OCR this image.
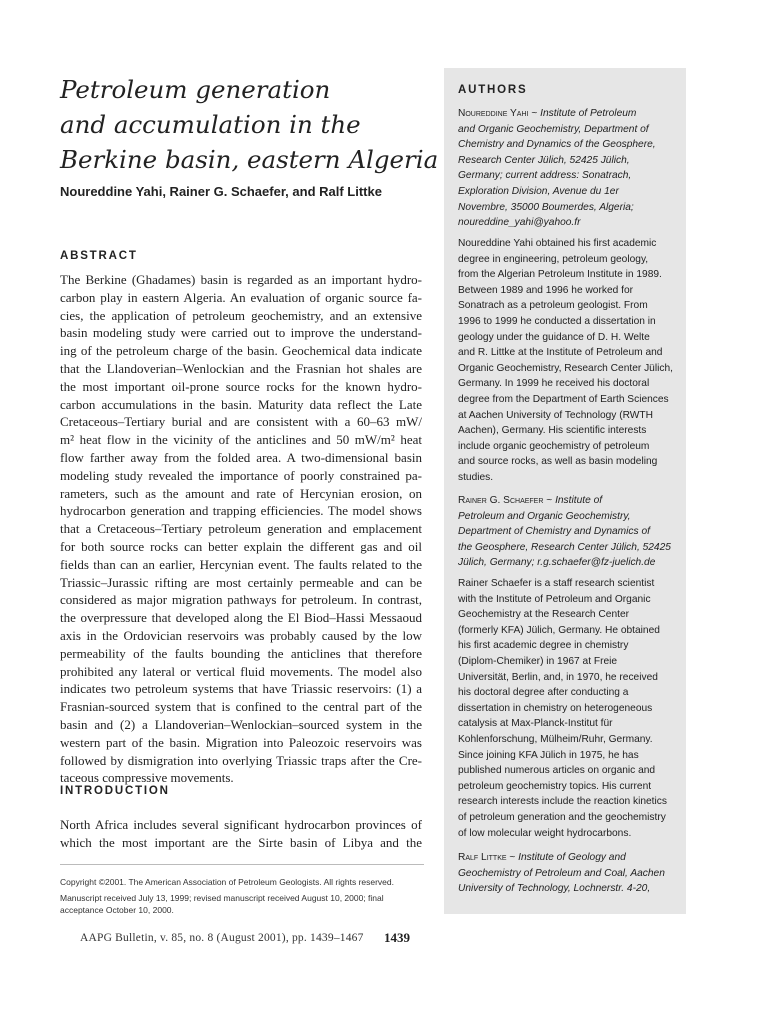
Petroleum generation
and accumulation in the
Berkine basin, eastern Algeria
Noureddine Yahi, Rainer G. Schaefer, and Ralf Littke
ABSTRACT
The Berkine (Ghadames) basin is regarded as an important hydro-
carbon play in eastern Algeria. An evaluation of organic source fa-
cies, the application of petroleum geochemistry, and an extensive
basin modeling study were carried out to improve the understand-
ing of the petroleum charge of the basin. Geochemical data indicate
that the Llandoverian–Wenlockian and the Frasnian hot shales are
the most important oil-prone source rocks for the known hydro-
carbon accumulations in the basin. Maturity data reflect the Late
Cretaceous–Tertiary burial and are consistent with a 60–63 mW/
m² heat flow in the vicinity of the anticlines and 50 mW/m² heat
flow farther away from the folded area. A two-dimensional basin
modeling study revealed the importance of poorly constrained pa-
rameters, such as the amount and rate of Hercynian erosion, on
hydrocarbon generation and trapping efficiencies. The model shows
that a Cretaceous–Tertiary petroleum generation and emplacement
for both source rocks can better explain the different gas and oil
fields than can an earlier, Hercynian event. The faults related to the
Triassic–Jurassic rifting are most certainly permeable and can be
considered as major migration pathways for petroleum. In contrast,
the overpressure that developed along the El Biod–Hassi Messaoud
axis in the Ordovician reservoirs was probably caused by the low
permeability of the faults bounding the anticlines that therefore
prohibited any lateral or vertical fluid movements. The model also
indicates two petroleum systems that have Triassic reservoirs: (1) a
Frasnian-sourced system that is confined to the central part of the
basin and (2) a Llandoverian–Wenlockian–sourced system in the
western part of the basin. Migration into Paleozoic reservoirs was
followed by dismigration into overlying Triassic traps after the Cre-
taceous compressive movements.
INTRODUCTION
North Africa includes several significant hydrocarbon provinces of
which the most important are the Sirte basin of Libya and the
Copyright ©2001. The American Association of Petroleum Geologists. All rights reserved.
Manuscript received July 13, 1999; revised manuscript received August 10, 2000; final acceptance October 10, 2000.
AAPG Bulletin, v. 85, no. 8 (August 2001), pp. 1439–1467	1439
AUTHORS
Noureddine Yahi ~ Institute of Petroleum
and Organic Geochemistry, Department of
Chemistry and Dynamics of the Geosphere,
Research Center Jülich, 52425 Jülich,
Germany; current address: Sonatrach,
Exploration Division, Avenue du 1er
Novembre, 35000 Boumerdes, Algeria;
noureddine_yahi@yahoo.fr
Noureddine Yahi obtained his first academic
degree in engineering, petroleum geology,
from the Algerian Petroleum Institute in 1989.
Between 1989 and 1996 he worked for
Sonatrach as a petroleum geologist. From
1996 to 1999 he conducted a dissertation in
geology under the guidance of D. H. Welte
and R. Littke at the Institute of Petroleum and
Organic Geochemistry, Research Center Jülich,
Germany. In 1999 he received his doctoral
degree from the Department of Earth Sciences
at Aachen University of Technology (RWTH
Aachen), Germany. His scientific interests
include organic geochemistry of petroleum
and source rocks, as well as basin modeling
studies.
Rainer G. Schaefer ~ Institute of
Petroleum and Organic Geochemistry,
Department of Chemistry and Dynamics of
the Geosphere, Research Center Jülich, 52425
Jülich, Germany; r.g.schaefer@fz-juelich.de
Rainer Schaefer is a staff research scientist
with the Institute of Petroleum and Organic
Geochemistry at the Research Center
(formerly KFA) Jülich, Germany. He obtained
his first academic degree in chemistry
(Diplom-Chemiker) in 1967 at Freie
Universität, Berlin, and, in 1970, he received
his doctoral degree after conducting a
dissertation in chemistry on heterogeneous
catalysis at Max-Planck-Institut für
Kohlenforschung, Mülheim/Ruhr, Germany.
Since joining KFA Jülich in 1975, he has
published numerous articles on organic and
petroleum geochemistry topics. His current
research interests include the reaction kinetics
of petroleum generation and the geochemistry
of low molecular weight hydrocarbons.
Ralf Littke ~ Institute of Geology and
Geochemistry of Petroleum and Coal, Aachen
University of Technology, Lochnerstr. 4-20,
